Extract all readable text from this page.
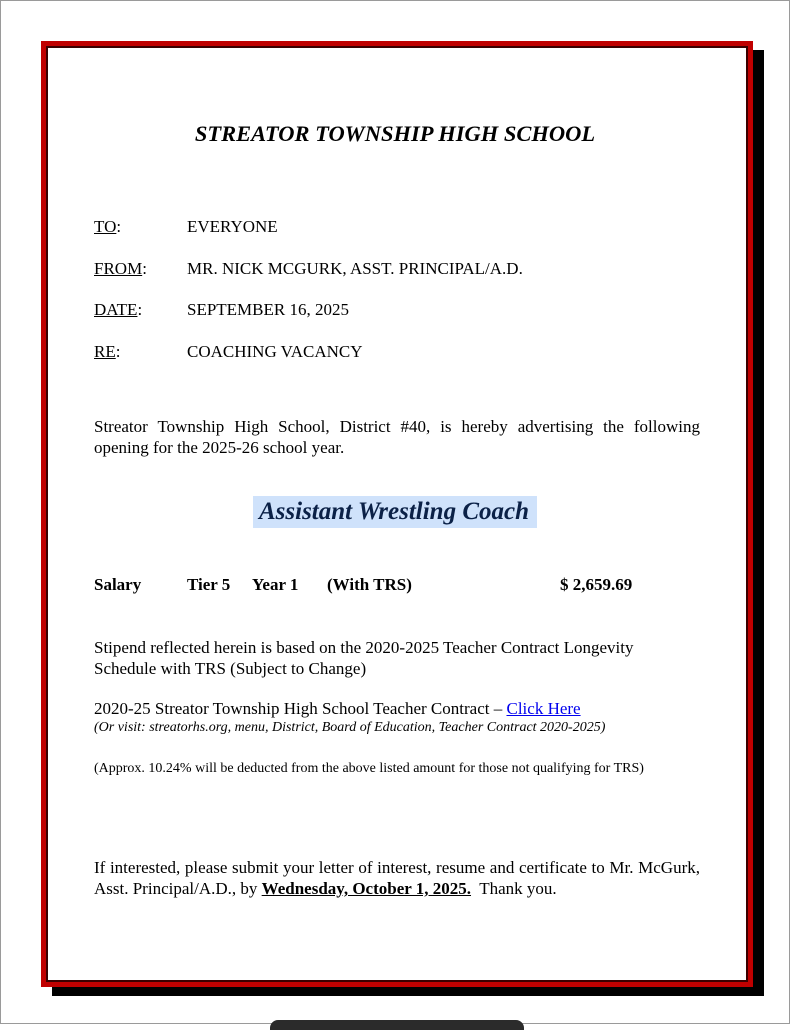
STREATOR TOWNSHIP HIGH SCHOOL

TO:	EVERYONE

FROM: MR. NICK MCGURK, ASST. PRINCIPAL/A.D.

DATE:	SEPTEMBER 16, 2025

RE:	COACHING VACANCY

Streator Township High School, District #40, is hereby advertising the following opening for the 2025-26 school year.

Assistant Wrestling Coach
Salary	Tier 5 Year 1 (With TRS)	$ 2,659.69

Stipend reflected herein is based on the 2020-2025 Teacher Contract Longevity Schedule with TRS (Subject to Change)

2020-25 Streator Township High School Teacher Contract – Click Here

(Or visit: streatorhs.org, menu, District, Board of Education, Teacher Contract 2020-2025)

(Approx. 10.24% will be deducted from the above listed amount for those not qualifying for TRS)

If interested, please submit your letter of interest, resume and certificate to Mr. McGurk, Asst. Principal/A.D., by Wednesday, October 1, 2025.  Thank you.
